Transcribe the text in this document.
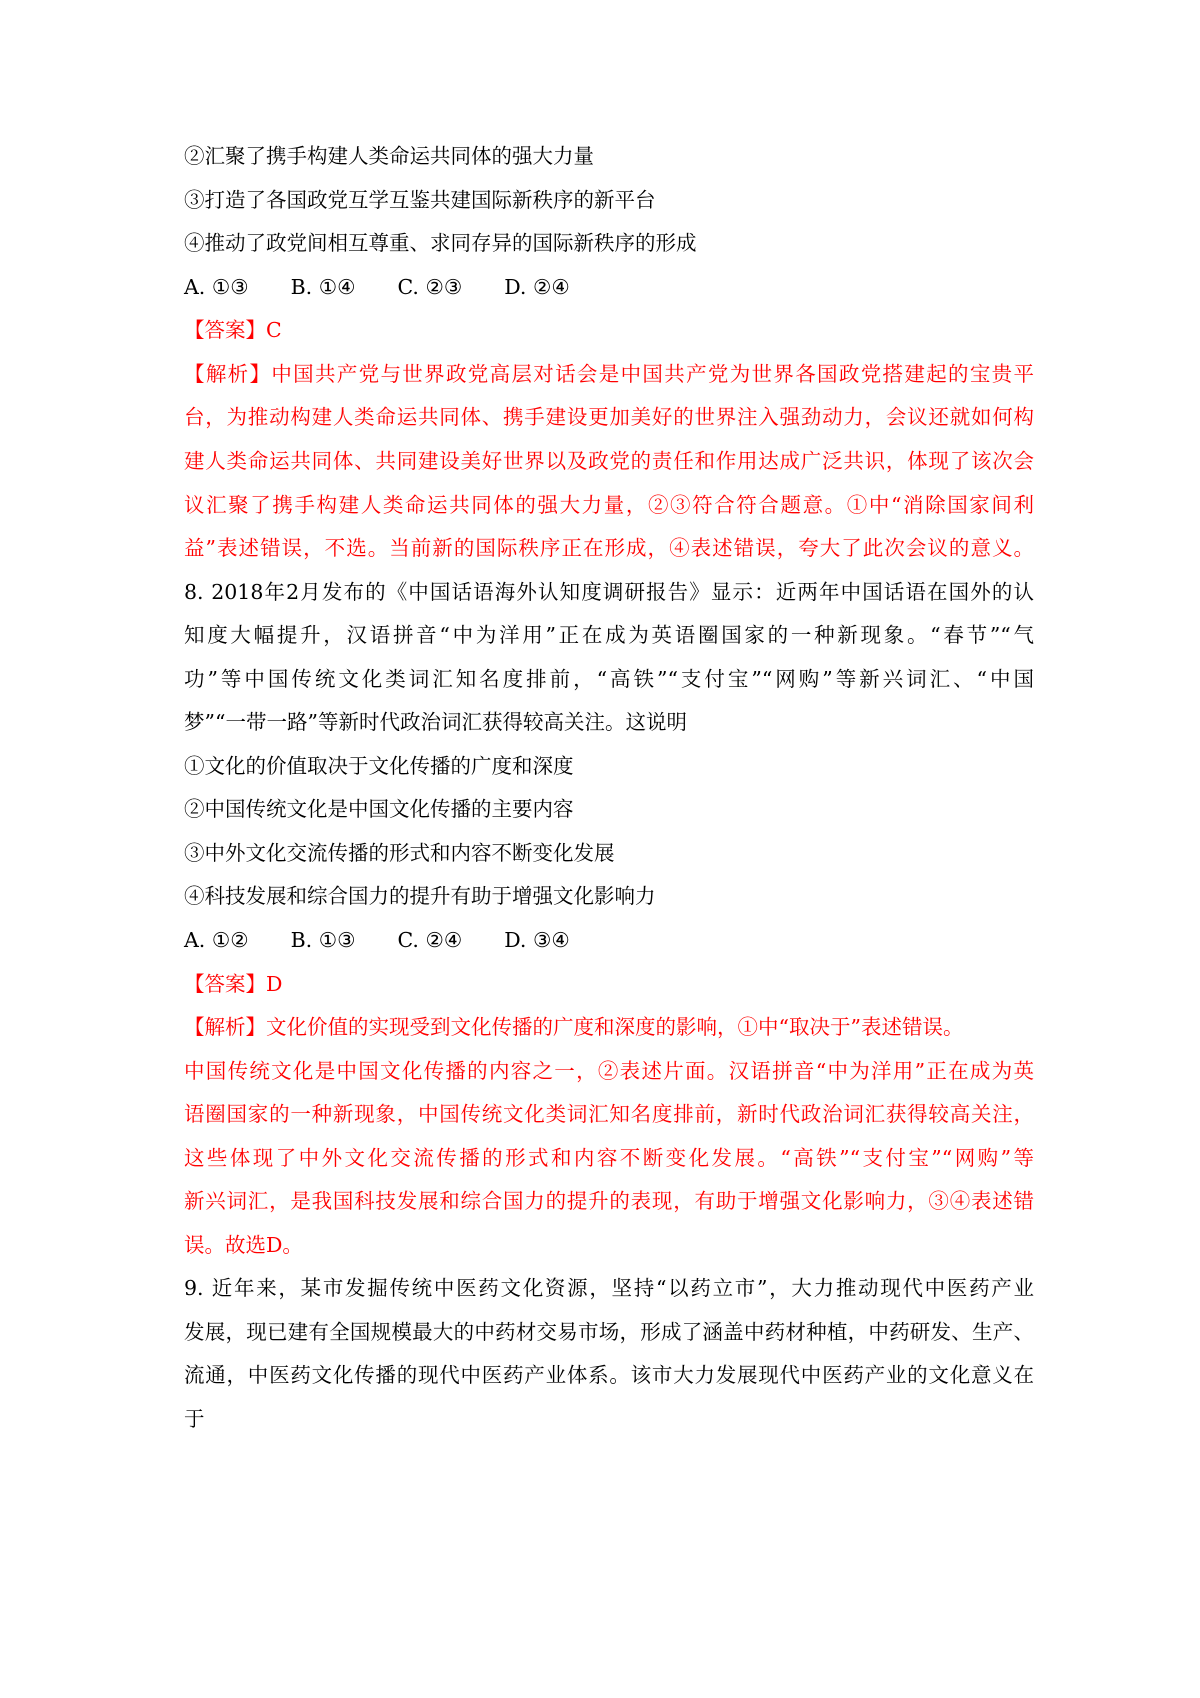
②汇聚了携手构建人类命运共同体的强大力量
③打造了各国政党互学互鉴共建国际新秩序的新平台
④推动了政党间相互尊重、求同存异的国际新秩序的形成
A. ①③ B. ①④ C. ②③ D. ②④
【答案】C
【解析】中国共产党与世界政党高层对话会是中国共产党为世界各国政党搭建起的宝贵平
台，为推动构建人类命运共同体、携手建设更加美好的世界注入强劲动力，会议还就如何构
建人类命运共同体、共同建设美好世界以及政党的责任和作用达成广泛共识，体现了该次会
议汇聚了携手构建人类命运共同体的强大力量，②③符合符合题意。①中“消除国家间利
益”表述错误，不选。当前新的国际秩序正在形成，④表述错误，夸大了此次会议的意义。
8. 2018年2月发布的《中国话语海外认知度调研报告》显示：近两年中国话语在国外的认
知度大幅提升，汉语拼音“中为洋用”正在成为英语圈国家的一种新现象。“春节”“气
功”等中国传统文化类词汇知名度排前，“高铁”“支付宝”“网购”等新兴词汇、“中国
梦”“一带一路”等新时代政治词汇获得较高关注。这说明
①文化的价值取决于文化传播的广度和深度
②中国传统文化是中国文化传播的主要内容
③中外文化交流传播的形式和内容不断变化发展
④科技发展和综合国力的提升有助于增强文化影响力
A. ①② B. ①③ C. ②④ D. ③④
【答案】D
【解析】文化价值的实现受到文化传播的广度和深度的影响，①中“取决于”表述错误。
中国传统文化是中国文化传播的内容之一，②表述片面。汉语拼音“中为洋用”正在成为英
语圈国家的一种新现象，中国传统文化类词汇知名度排前，新时代政治词汇获得较高关注，
这些体现了中外文化交流传播的形式和内容不断变化发展。“高铁”“支付宝”“网购”等
新兴词汇，是我国科技发展和综合国力的提升的表现，有助于增强文化影响力，③④表述错
误。故选D。
9. 近年来，某市发掘传统中医药文化资源，坚持“以药立市”，大力推动现代中医药产业
发展，现已建有全国规模最大的中药材交易市场，形成了涵盖中药材种植，中药研发、生产、
流通，中医药文化传播的现代中医药产业体系。该市大力发展现代中医药产业的文化意义在
于
